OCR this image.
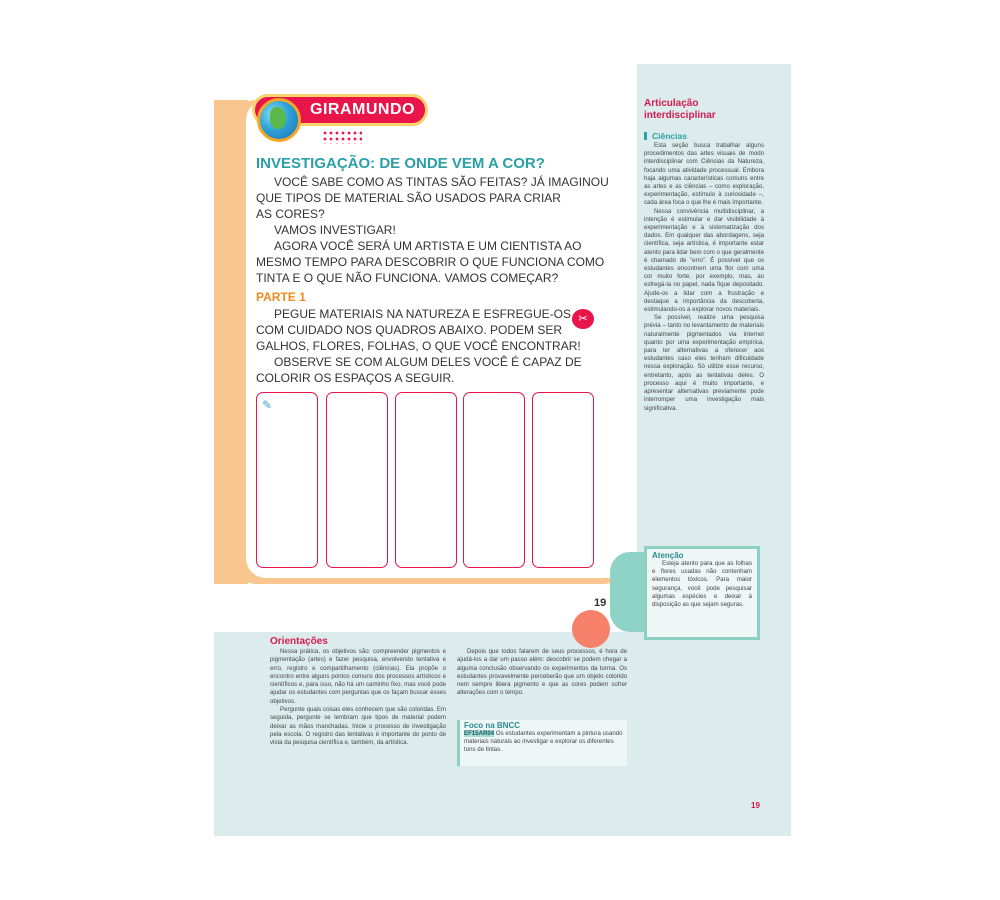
GIRAMUNDO
INVESTIGAÇÃO: DE ONDE VEM A COR?
VOCÊ SABE COMO AS TINTAS SÃO FEITAS? JÁ IMAGINOU
QUE TIPOS DE MATERIAL SÃO USADOS PARA CRIAR
AS CORES?
VAMOS INVESTIGAR!
AGORA VOCÊ SERÁ UM ARTISTA E UM CIENTISTA AO
MESMO TEMPO PARA DESCOBRIR O QUE FUNCIONA COMO
TINTA E O QUE NÃO FUNCIONA. VAMOS COMEÇAR?
PARTE 1
✂
PEGUE MATERIAIS NA NATUREZA E ESFREGUE-OS
COM CUIDADO NOS QUADROS ABAIXO. PODEM SER
GALHOS, FLORES, FOLHAS, O QUE VOCÊ ENCONTRAR!
OBSERVE SE COM ALGUM DELES VOCÊ É CAPAZ DE
COLORIR OS ESPAÇOS A SEGUIR.
✎
19
Articulação
interdisciplinar
Ciências

Esta seção busca trabalhar alguns procedimentos das artes visuais de modo interdisciplinar com Ciências da Natureza, focando uma atividade processual. Embora haja algumas características comuns entre as artes e as ciências – como exploração, experimentação, estímulo à curiosidade –, cada área foca o que lhe é mais importante.

Nessa convivência multidisciplinar, a intenção é estimular e dar visibilidade à experimentação e à sistematização dos dados. Em qualquer das abordagens, seja científica, seja artística, é importante estar atento para lidar bem com o que geralmente é chamado de "erro". É possível que os estudantes encontrem uma flor com uma cor muito forte, por exemplo, mas, ao esfregá-la no papel, nada fique depositado. Ajude-os a lidar com a frustração e destaque a importância da descoberta, estimulando-os a explorar novos materiais.

Se possível, realize uma pesquisa prévia – tanto no levantamento de materiais naturalmente pigmentados via internet quanto por uma experimentação empírica, para ter alternativas a oferecer aos estudantes caso eles tenham dificuldade nessa exploração. Só utilize esse recurso, entretanto, após as tentativas deles. O processo aqui é muito importante, e apresentar alternativas previamente pode interromper uma investigação mais significativa.

Atenção
Esteja atento para que as folhas e flores usadas não contenham elementos tóxicos. Para maior segurança, você pode pesquisar algumas espécies e deixar à disposição as que sejam seguras.
Orientações

Nessa prática, os objetivos são: compreender pigmentos e pigmentação (artes) e fazer pesquisa, envolvendo tentativa e erro, registro e compartilhamento (ciências). Ela propõe o encontro entre alguns pontos comuns dos processos artísticos e científicos e, para isso, não há um caminho fixo, mas você pode ajudar os estudantes com perguntas que os façam buscar esses objetivos.

Pergunte quais coisas eles conhecem que são coloridas. Em seguida, pergunte se lembram que tipos de material podem deixar as mãos manchadas. Inicie o processo de investigação pela escola. O registro das tentativas é importante do ponto de vista da pesquisa científica e, também, da artística.

Depois que todos falarem de seus processos, é hora de ajudá-los a dar um passo além: descobrir se podem chegar a alguma conclusão observando os experimentos da turma. Os estudantes provavelmente perceberão que um objeto colorido nem sempre libera pigmento e que as cores podem sofrer alterações com o tempo.

Foco na BNCC
EF15AR04 Os estudantes experimentam a pintura usando materiais naturais ao investigar e explorar os diferentes tons de tintas.
19
